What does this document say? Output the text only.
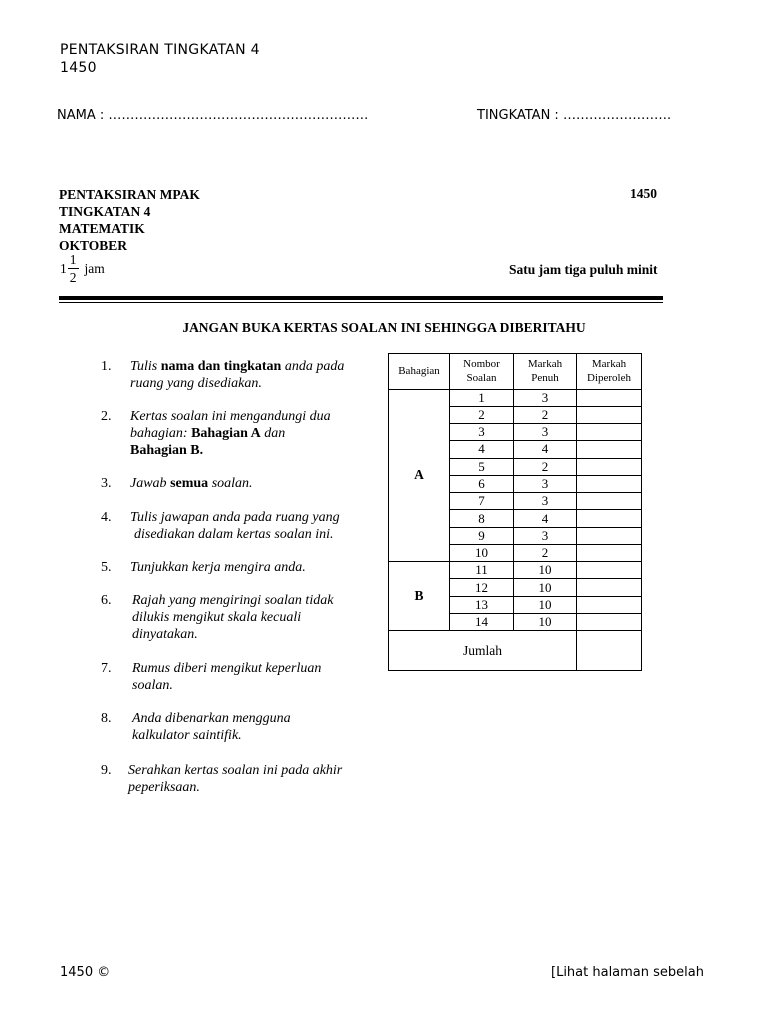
PENTAKSIRAN TINGKATAN 4
1450
NAMA : ……………………………………………………	TINGKATAN : …………………….
PENTAKSIRAN MPAK
TINGKATAN 4
MATEMATIK
OKTOBER
1450
$1 \frac{1}{2}$ jam	Satu jam tiga puluh minit
JANGAN BUKA KERTAS SOALAN INI SEHINGGA DIBERITAHU
1. Tulis nama dan tingkatan anda pada
ruang yang disediakan.
2. Kertas soalan ini mengandungi dua
bahagian: Bahagian A dan
Bahagian B.
3. Jawab semua soalan.
4. Tulis jawapan anda pada ruang yang
disediakan dalam kertas soalan ini.
5. Tunjukkan kerja mengira anda.
6. Rajah yang mengiringi soalan tidak
dilukis mengikut skala kecuali
dinyatakan.
7. Rumus diberi mengikut keperluan
soalan.
8. Anda dibenarkan mengguna
kalkulator saintifik.
9. Serahkan kertas soalan ini pada akhir
peperiksaan.
Bahagian	Nombor Soalan	Markah Penuh	Markah Diperoleh
A	1	3	
	2	2	
	3	3	
	4	4	
	5	2	
	6	3	
	7	3	
	8	4	
	9	3	
	10	2	
B	11	10	
	12	10	
	13	10	
	14	10	
Jumlah			
1450 ©	[Lihat halaman sebelah
